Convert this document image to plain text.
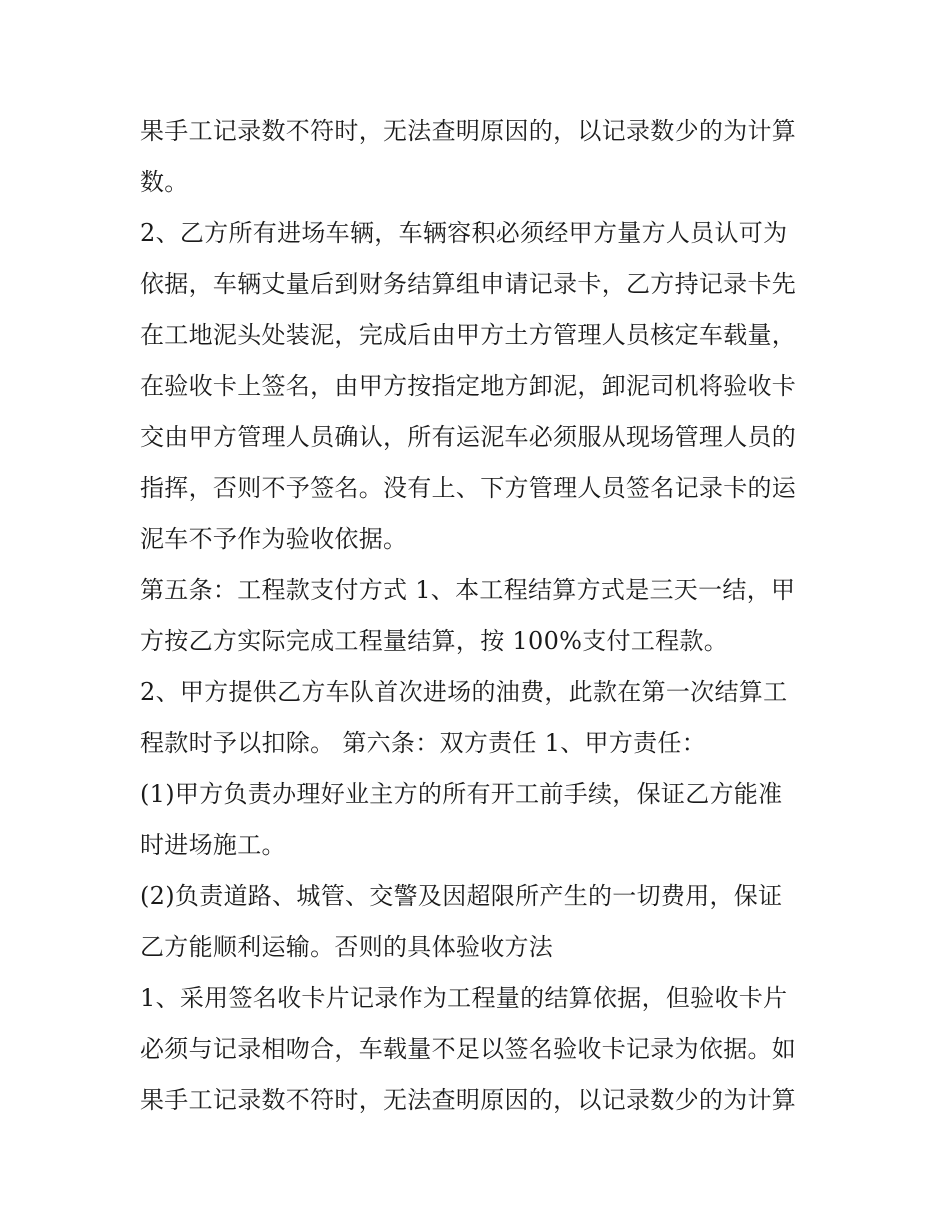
果手工记录数不符时，无法查明原因的，以记录数少的为计算
数。
2、乙方所有进场车辆，车辆容积必须经甲方量方人员认可为
依据，车辆丈量后到财务结算组申请记录卡，乙方持记录卡先
在工地泥头处装泥，完成后由甲方土方管理人员核定车载量，
在验收卡上签名，由甲方按指定地方卸泥，卸泥司机将验收卡
交由甲方管理人员确认，所有运泥车必须服从现场管理人员的
指挥，否则不予签名。没有上、下方管理人员签名记录卡的运
泥车不予作为验收依据。
第五条：工程款支付方式 1、本工程结算方式是三天一结，甲
方按乙方实际完成工程量结算，按 100%支付工程款。
2、甲方提供乙方车队首次进场的油费，此款在第一次结算工
程款时予以扣除。 第六条：双方责任 1、甲方责任：
(1)甲方负责办理好业主方的所有开工前手续，保证乙方能准
时进场施工。
(2)负责道路、城管、交警及因超限所产生的一切费用，保证
乙方能顺利运输。否则的具体验收方法
1、采用签名收卡片记录作为工程量的结算依据，但验收卡片
必须与记录相吻合，车载量不足以签名验收卡记录为依据。如
果手工记录数不符时，无法查明原因的，以记录数少的为计算
